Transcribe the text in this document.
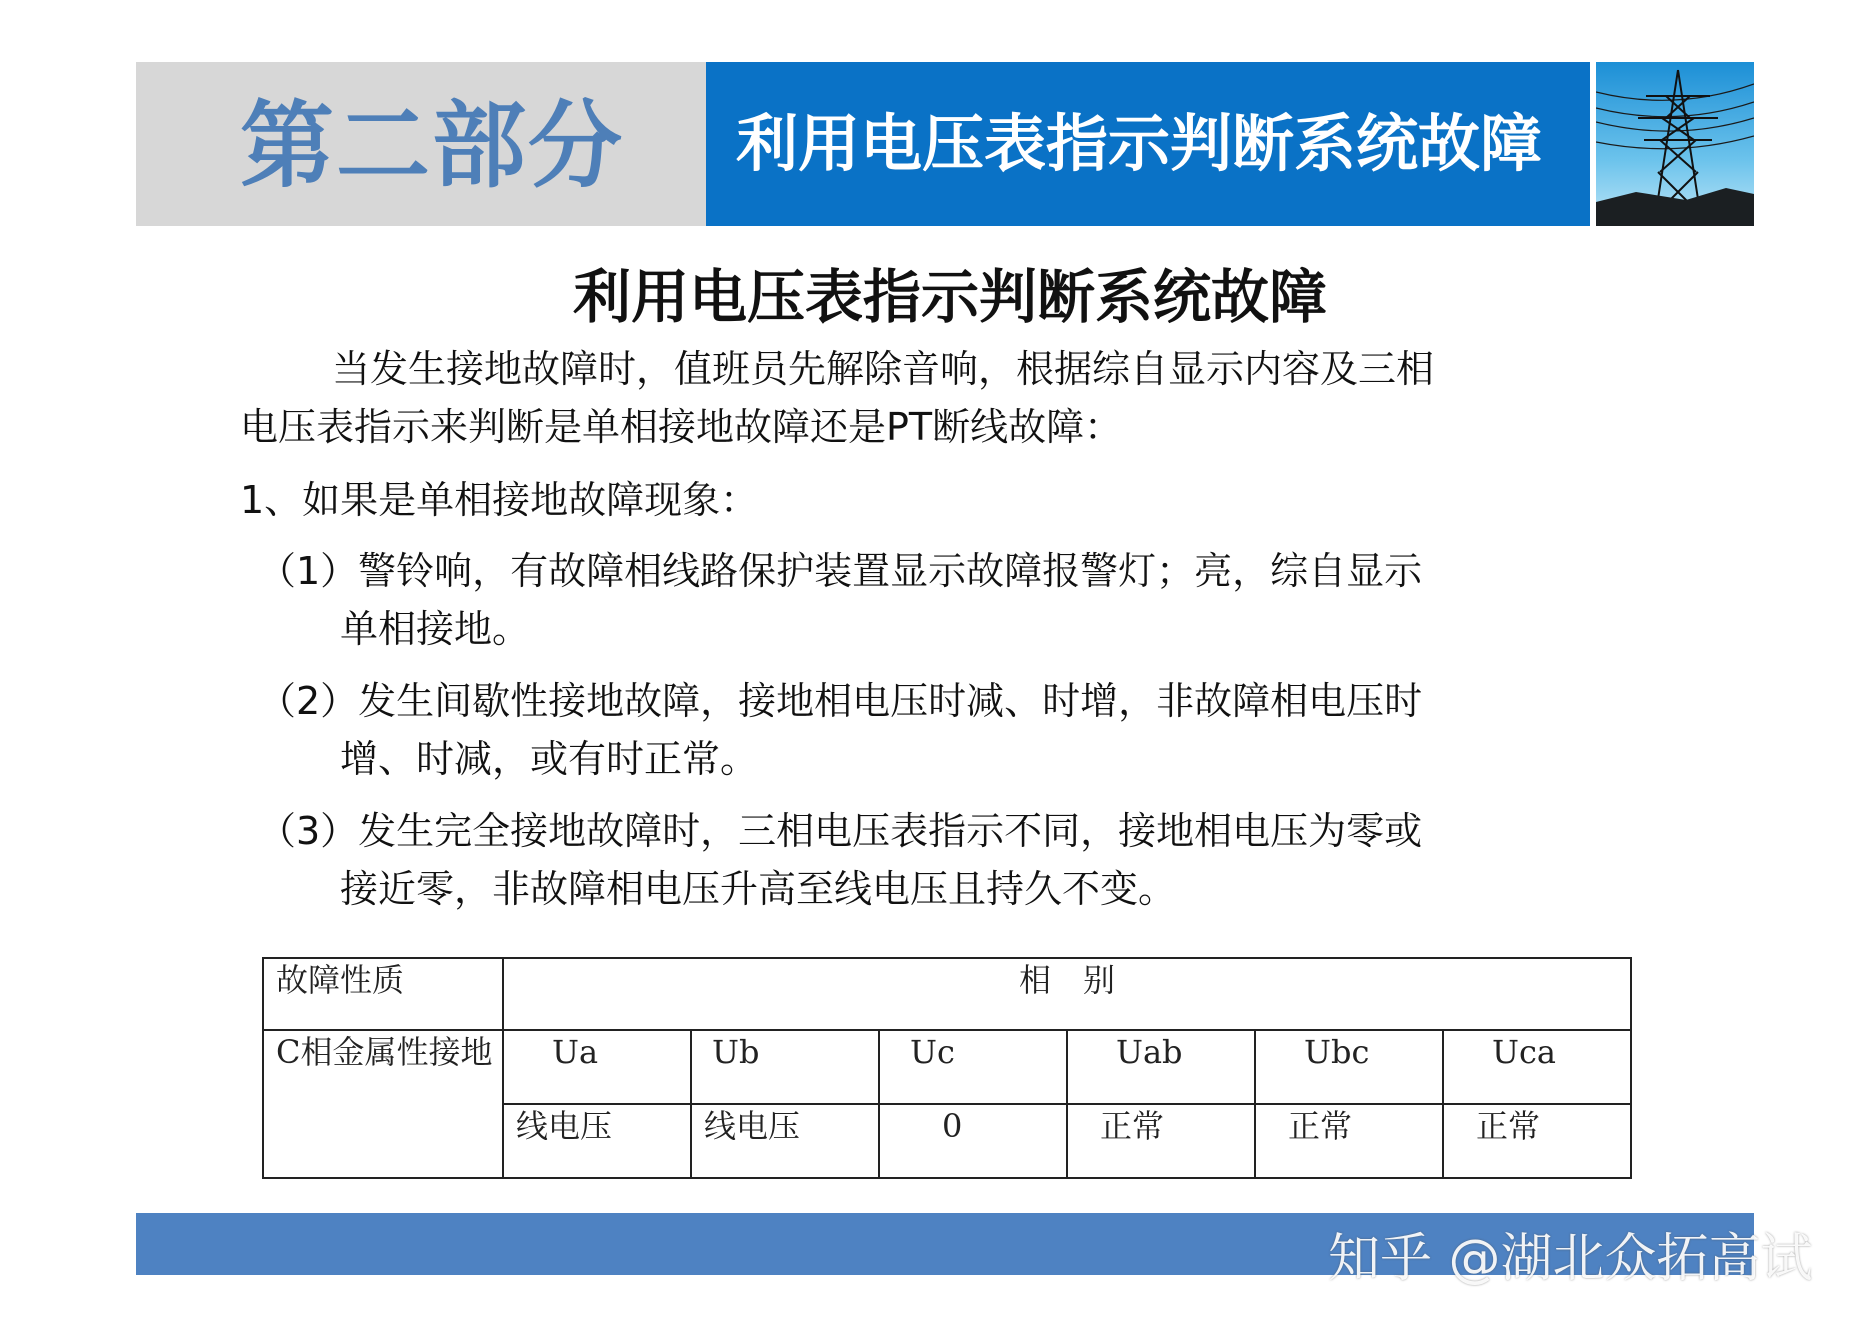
第二部分	利用电压表指示判断系统故障
利用电压表指示判断系统故障
当发生接地故障时，值班员先解除音响，根据综自显示内容及三相
电压表指示来判断是单相接地故障还是PT断线故障：
1、如果是单相接地故障现象：
（1）警铃响，有故障相线路保护装置显示故障报警灯；亮，综自显示
单相接地。
（2）发生间歇性接地故障，接地相电压时减、时增，非故障相电压时
增、时减，或有时正常。
（3）发生完全接地故障时，三相电压表指示不同，接地相电压为零或
接近零，非故障相电压升高至线电压且持久不变。
故障性质	相　别					
C相金属性接地	Ua	Ub	Uc	Uab	Ubc	Uca
	线电压	线电压	0	正常	正常	正常
知乎 @湖北众拓高试
